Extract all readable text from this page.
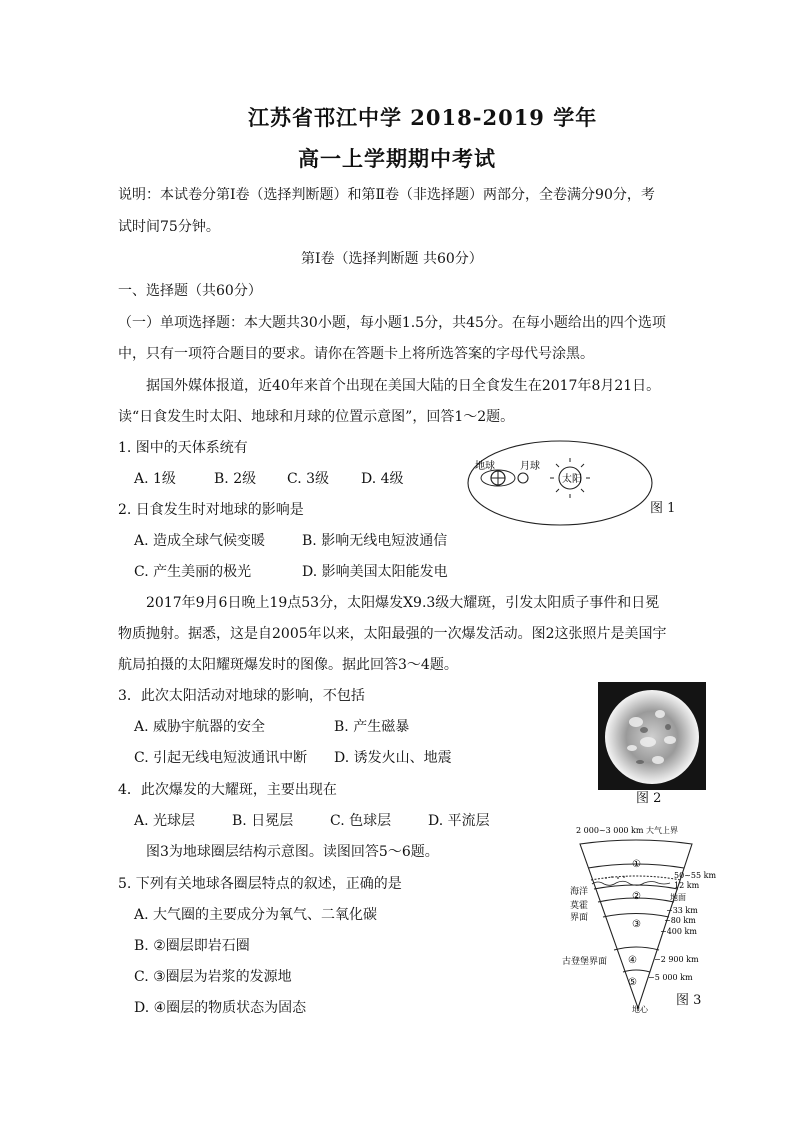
江苏省邗江中学 2018-2019 学年
高一上学期期中考试
说明：本试卷分第Ⅰ卷（选择判断题）和第Ⅱ卷（非选择题）两部分，全卷满分90分，考
试时间75分钟。
第Ⅰ卷（选择判断题 共60分）
一、选择题（共60分）
（一）单项选择题：本大题共30小题，每小题1.5分，共45分。在每小题给出的四个选项
中，只有一项符合题目的要求。请你在答题卡上将所选答案的字母代号涂黑。
据国外媒体报道，近40年来首个出现在美国大陆的日全食发生在2017年8月21日。
读“日食发生时太阳、地球和月球的位置示意图”，回答1～2题。
1. 图中的天体系统有
A. 1级	B. 2级 C. 3级 D. 4级
地球	月球
太阳
图 1
2. 日食发生时对地球的影响是
A. 造成全球气候变暖	B. 影响无线电短波通信
C. 产生美丽的极光	D. 影响美国太阳能发电
2017年9月6日晚上19点53分，太阳爆发X9.3级大耀斑，引发太阳质子事件和日冕
物质抛射。据悉，这是自2005年以来，太阳最强的一次爆发活动。图2这张照片是美国宇
航局拍摄的太阳耀斑爆发时的图像。据此回答3～4题。
3．此次太阳活动对地球的影响，不包括
A. 威胁宇航器的安全	B. 产生磁暴
C. 引起无线电短波通讯中断 D. 诱发火山、地震
图 2
4．此次爆发的大耀斑，主要出现在
A. 光球层	B. 日冕层	C. 色球层	D. 平流层
图3为地球圈层结构示意图。读图回答5～6题。
5. 下列有关地球各圈层特点的叙述，正确的是
A. 大气圈的主要成分为氧气、二氧化碳
B. ②圈层即岩石圈
C. ③圈层为岩浆的发源地
D. ④圈层的物质状态为固态
2 000~3 000 km 大气上界
①
②
③
④
⑤
海洋
莫霍
界面
古登堡界面
50~55 km
12 km
地面
−33 km
−80 km
−400 km
−2 900 km
−5 000 km
地心
图 3
